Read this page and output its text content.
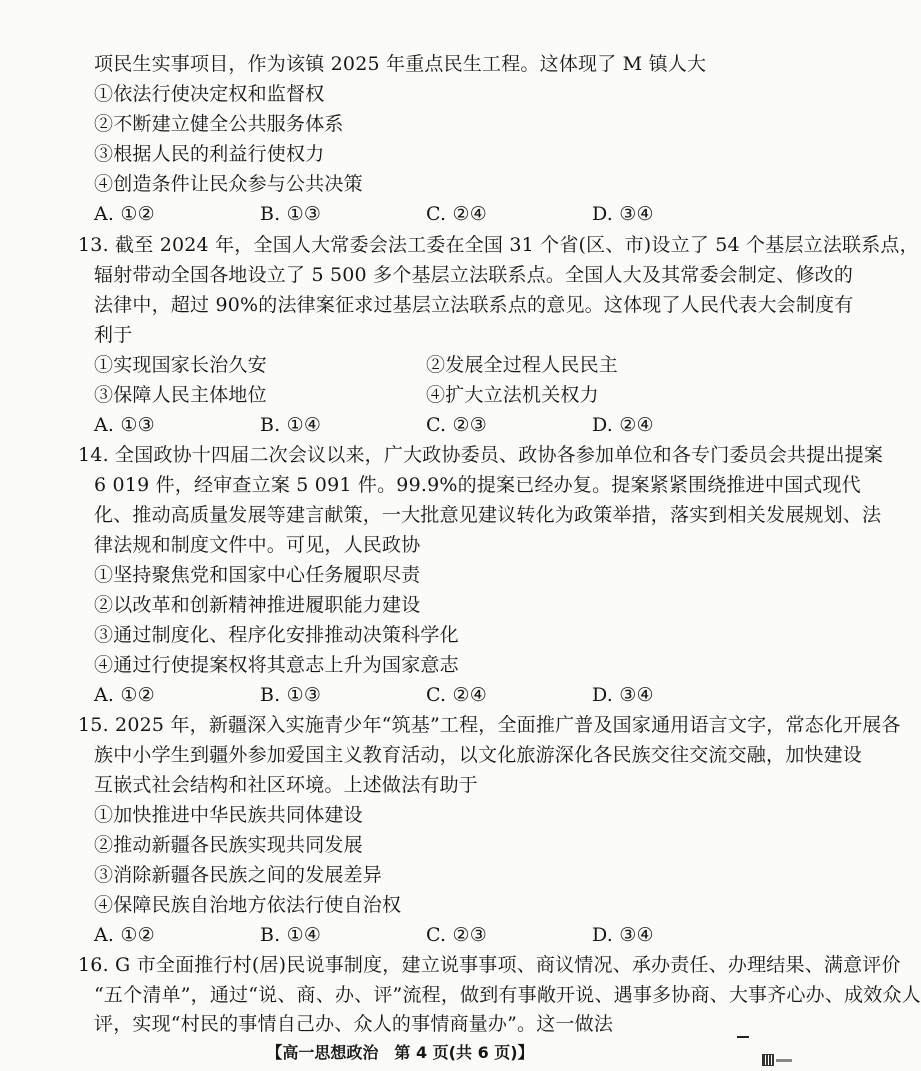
项民生实事项目，作为该镇 2025 年重点民生工程。这体现了 M 镇人大
①依法行使决定权和监督权
②不断建立健全公共服务体系
③根据人民的利益行使权力
④创造条件让民众参与公共决策
A. ①②	B. ①③	C. ②④	D. ③④
13. 截至 2024 年，全国人大常委会法工委在全国 31 个省(区、市)设立了 54 个基层立法联系点，
辐射带动全国各地设立了 5 500 多个基层立法联系点。全国人大及其常委会制定、修改的
法律中，超过 90%的法律案征求过基层立法联系点的意见。这体现了人民代表大会制度有
利于
①实现国家长治久安	②发展全过程人民民主
③保障人民主体地位	④扩大立法机关权力
A. ①③	B. ①④	C. ②③	D. ②④
14. 全国政协十四届二次会议以来，广大政协委员、政协各参加单位和各专门委员会共提出提案
6 019 件，经审查立案 5 091 件。99.9%的提案已经办复。提案紧紧围绕推进中国式现代
化、推动高质量发展等建言献策，一大批意见建议转化为政策举措，落实到相关发展规划、法
律法规和制度文件中。可见，人民政协
①坚持聚焦党和国家中心任务履职尽责
②以改革和创新精神推进履职能力建设
③通过制度化、程序化安排推动决策科学化
④通过行使提案权将其意志上升为国家意志
A. ①②	B. ①③	C. ②④	D. ③④
15. 2025 年，新疆深入实施青少年“筑基”工程，全面推广普及国家通用语言文字，常态化开展各
族中小学生到疆外参加爱国主义教育活动，以文化旅游深化各民族交往交流交融，加快建设
互嵌式社会结构和社区环境。上述做法有助于
①加快推进中华民族共同体建设
②推动新疆各民族实现共同发展
③消除新疆各民族之间的发展差异
④保障民族自治地方依法行使自治权
A. ①②	B. ①④	C. ②③	D. ③④
16. G 市全面推行村(居)民说事制度，建立说事事项、商议情况、承办责任、办理结果、满意评价
“五个清单”，通过“说、商、办、评”流程，做到有事敞开说、遇事多协商、大事齐心办、成效众人
评，实现“村民的事情自己办、众人的事情商量办”。这一做法
【高一思想政治　第 4 页(共 6 页)】
